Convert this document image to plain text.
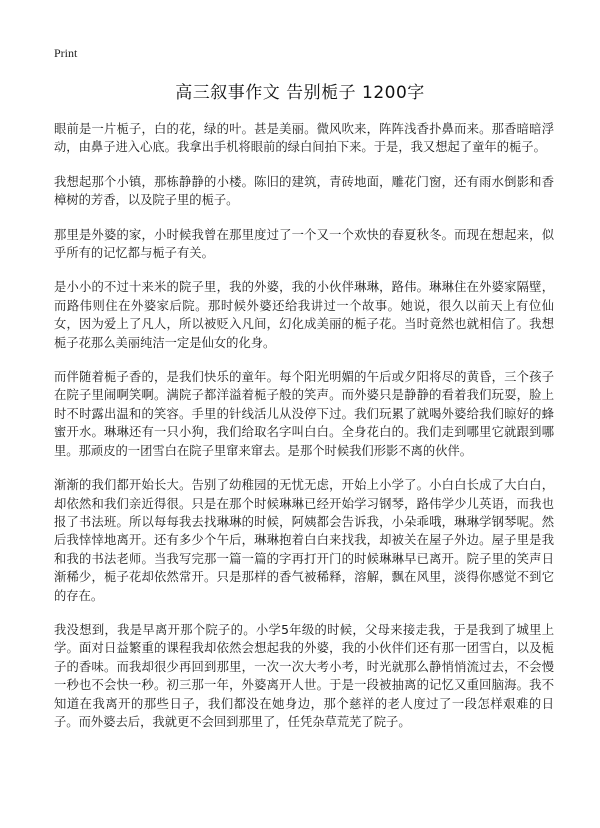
Print
高三叙事作文 告别栀子 1200字

眼前是一片栀子，白的花，绿的叶。甚是美丽。微风吹来，阵阵浅香扑鼻而来。那香暗暗浮动，由鼻子进入心底。我拿出手机将眼前的绿白间拍下来。于是，我又想起了童年的栀子。

我想起那个小镇，那栋静静的小楼。陈旧的建筑，青砖地面，雕花门窗，还有雨水倒影和香樟树的芳香，以及院子里的栀子。

那里是外婆的家，小时候我曾在那里度过了一个又一个欢快的春夏秋冬。而现在想起来，似乎所有的记忆都与栀子有关。

是小小的不过十来米的院子里，我的外婆，我的小伙伴琳琳，路伟。琳琳住在外婆家隔壁，而路伟则住在外婆家后院。那时候外婆还给我讲过一个故事。她说，很久以前天上有位仙女，因为爱上了凡人，所以被贬入凡间，幻化成美丽的栀子花。当时竟然也就相信了。我想栀子花那么美丽纯洁一定是仙女的化身。

而伴随着栀子香的，是我们快乐的童年。每个阳光明媚的午后或夕阳将尽的黄昏，三个孩子在院子里闹啊笑啊。满院子都洋溢着栀子般的笑声。而外婆只是静静的看着我们玩耍，脸上时不时露出温和的笑容。手里的针线活儿从没停下过。我们玩累了就喝外婆给我们晾好的蜂蜜开水。琳琳还有一只小狗，我们给取名字叫白白。全身花白的。我们走到哪里它就跟到哪里。那顽皮的一团雪白在院子里窜来窜去。是那个时候我们形影不离的伙伴。

渐渐的我们都开始长大。告别了幼稚园的无忧无虑，开始上小学了。小白白长成了大白白，却依然和我们亲近得很。只是在那个时候琳琳已经开始学习钢琴，路伟学少儿英语，而我也报了书法班。所以每每我去找琳琳的时候，阿姨都会告诉我，小朵乖哦，琳琳学钢琴呢。然后我悻悻地离开。还有多少个午后，琳琳抱着白白来找我，却被关在屋子外边。屋子里是我和我的书法老师。当我写完那一篇一篇的字再打开门的时候琳琳早已离开。院子里的笑声日渐稀少，栀子花却依然常开。只是那样的香气被稀释，溶解，飘在风里，淡得你感觉不到它的存在。

我没想到，我是早离开那个院子的。小学5年级的时候，父母来接走我，于是我到了城里上学。面对日益繁重的课程我却依然会想起我的外婆，我的小伙伴们还有那一团雪白，以及栀子的香味。而我却很少再回到那里，一次一次大考小考，时光就那么静悄悄流过去，不会慢一秒也不会快一秒。初三那一年，外婆离开人世。于是一段被抽离的记忆又重回脑海。我不知道在我离开的那些日子，我们都没在她身边，那个慈祥的老人度过了一段怎样艰难的日子。而外婆去后，我就更不会回到那里了，任凭杂草荒芜了院子。
